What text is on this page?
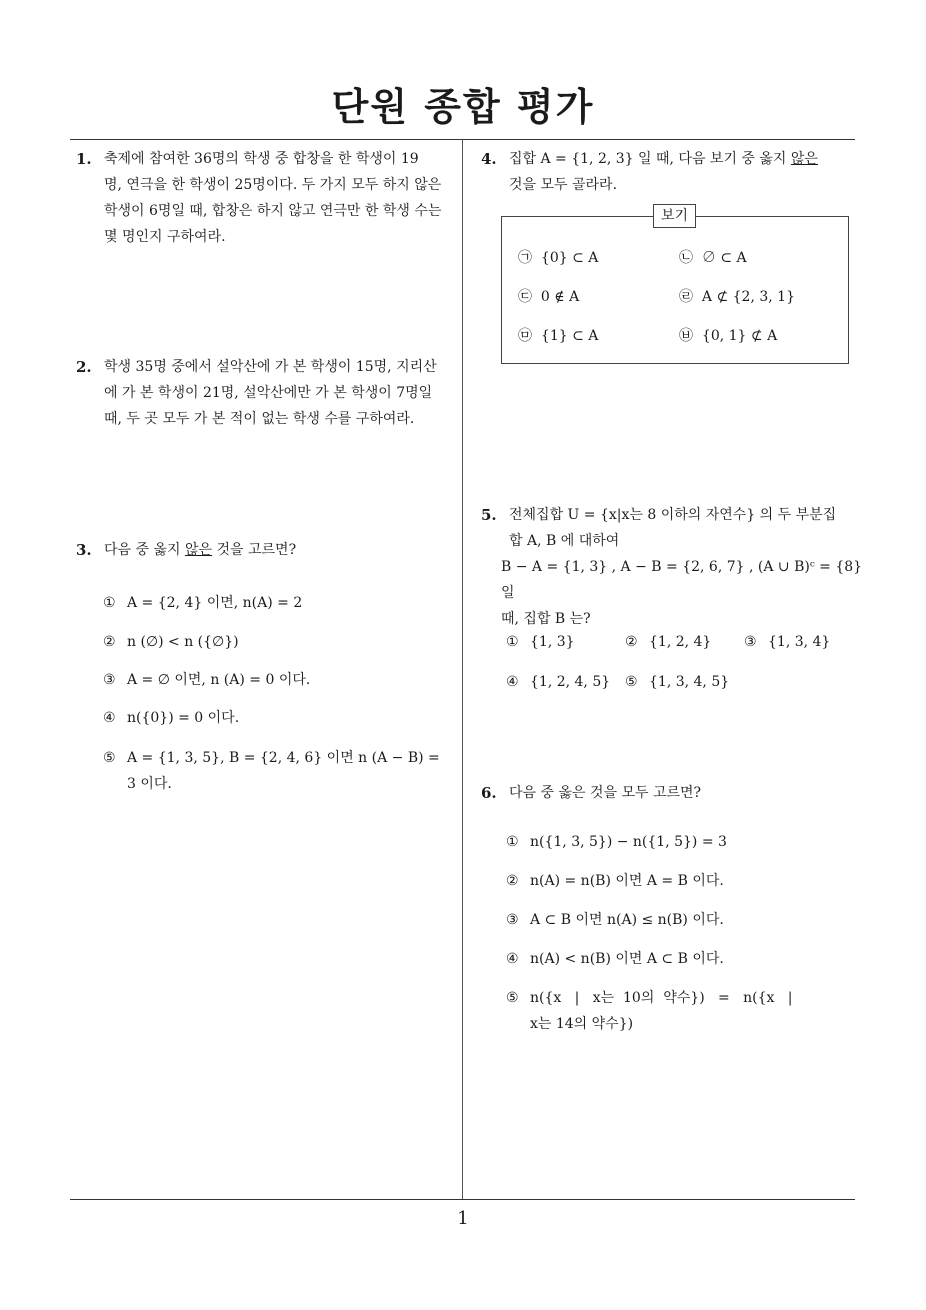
단원 종합 평가
1
1. 축제에 참여한 36명의 학생 중 합창을 한 학생이 19
명, 연극을 한 학생이 25명이다. 두 가지 모두 하지 않은
학생이 6명일 때, 합창은 하지 않고 연극만 한 학생 수는
몇 명인지 구하여라.
2. 학생 35명 중에서 설악산에 가 본 학생이 15명, 지리산
에 가 본 학생이 21명, 설악산에만 가 본 학생이 7명일
때, 두 곳 모두 가 본 적이 없는 학생 수를 구하여라.
3. 다음 중 옳지 않은 것을 고르면?
① A = {2, 4} 이면, n(A) = 2
② n (∅) < n ({∅})
③ A = ∅ 이면, n (A) = 0 이다.
④ n({0}) = 0 이다.
⑤ A = {1, 3, 5}, B = {2, 4, 6} 이면 n (A − B) =
3 이다.
4. 집합 A = {1, 2, 3} 일 때, 다음 보기 중 옳지 않은
것을 모두 골라라.
보기
㉠ {0} ⊂ A	㉡ ∅ ⊂ A
㉢ 0 ∉ A	㉣ A ⊄ {2, 3, 1}
㉤ {1} ⊂ A	㉥ {0, 1} ⊄ A
5. 전체집합 U = {x|x는 8 이하의 자연수} 의 두 부분집
합 A, B 에 대하여
B − A = {1, 3} , A − B = {2, 6, 7} , (A ∪ B)ᶜ = {8} 일
때, 집합 B 는?
① {1, 3}	② {1, 2, 4} ③ {1, 3, 4}
④ {1, 2, 4, 5} ⑤ {1, 3, 4, 5}
6. 다음 중 옳은 것을 모두 고르면?
① n({1, 3, 5}) − n({1, 5}) = 3
② n(A) = n(B) 이면 A = B 이다.
③ A ⊂ B 이면 n(A) ≤ n(B) 이다.
④ n(A) < n(B) 이면 A ⊂ B 이다.
⑤ n({x   |   x는  10의  약수})   =   n({x   |
x는 14의 약수})
